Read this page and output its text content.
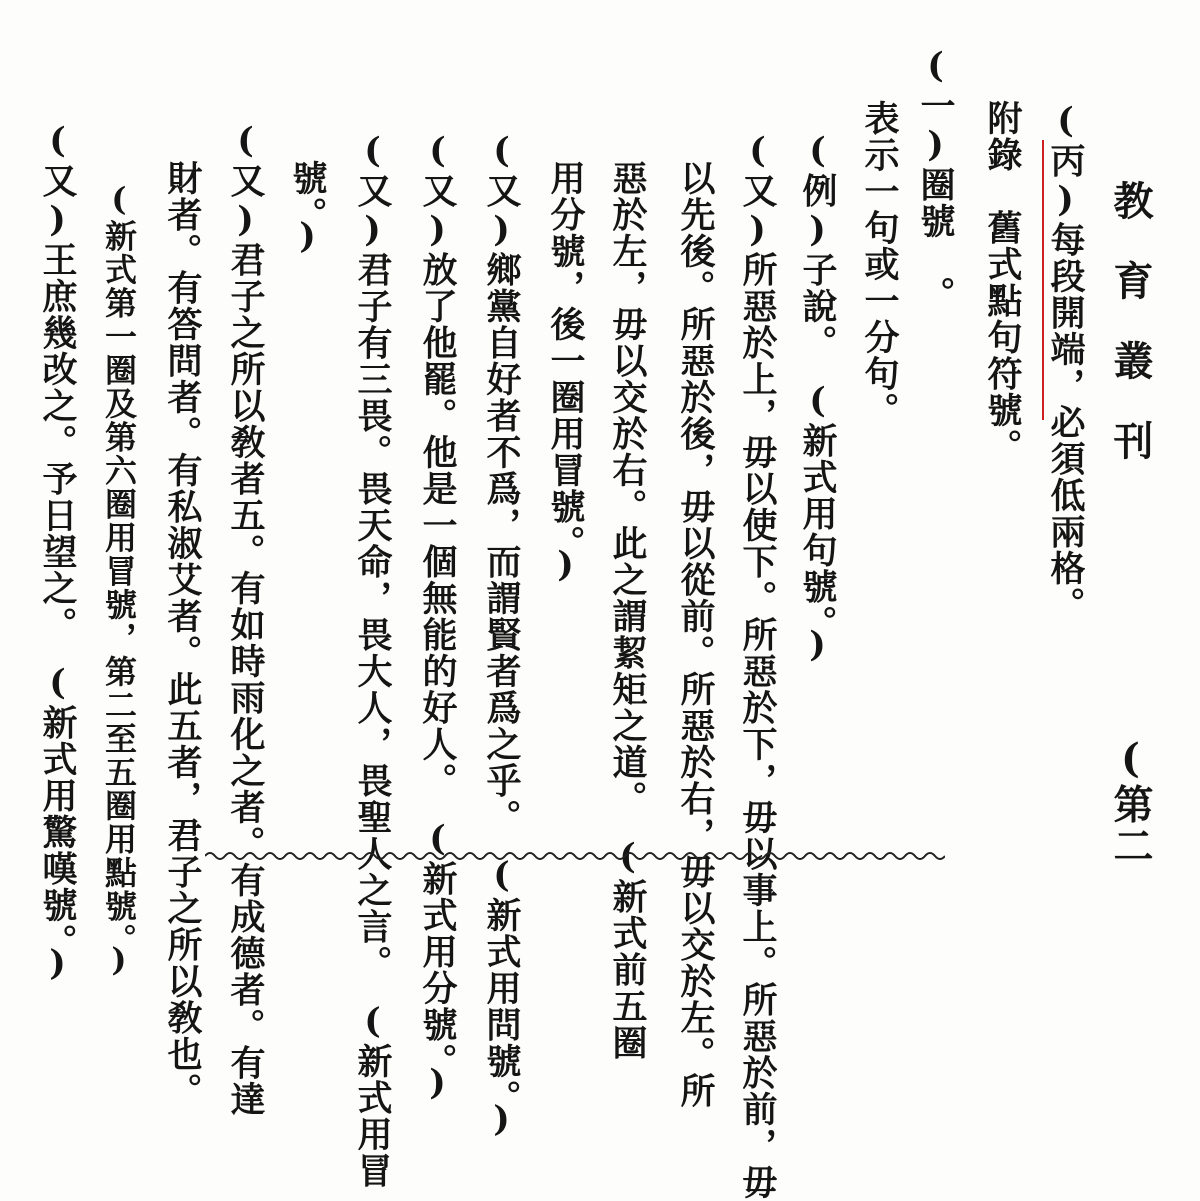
教育叢刊
(第二
(丙)每段開端，必須低兩格。
附錄　舊式點句符號。
(一)圈號　。
表示一句或一分句。
(例)子說。　(新式用句號。)
(又)所惡於上，毋以使下。所惡於下，毋以事上。所惡於前，毋
以先後。所惡於後，毋以從前。所惡於右，毋以交於左。所
惡於左，毋以交於右。此之謂絜矩之道。　(新式前五圈
用分號，後一圈用冒號。)
(又)鄉黨自好者不爲，而謂賢者爲之乎。　(新式用問號。)
(又)放了他罷。他是一個無能的好人。　(新式用分號。)
(又)君子有三畏。畏天命，畏大人，畏聖人之言。　(新式用冒
號。)
(又)君子之所以敎者五。有如時雨化之者。有成德者。有達
財者。有答問者。有私淑艾者。此五者，君子之所以敎也。
(新式第一圈及第六圈用冒號，第二至五圈用點號。)
(又)王庶幾改之。予日望之。　(新式用驚嘆號。)
